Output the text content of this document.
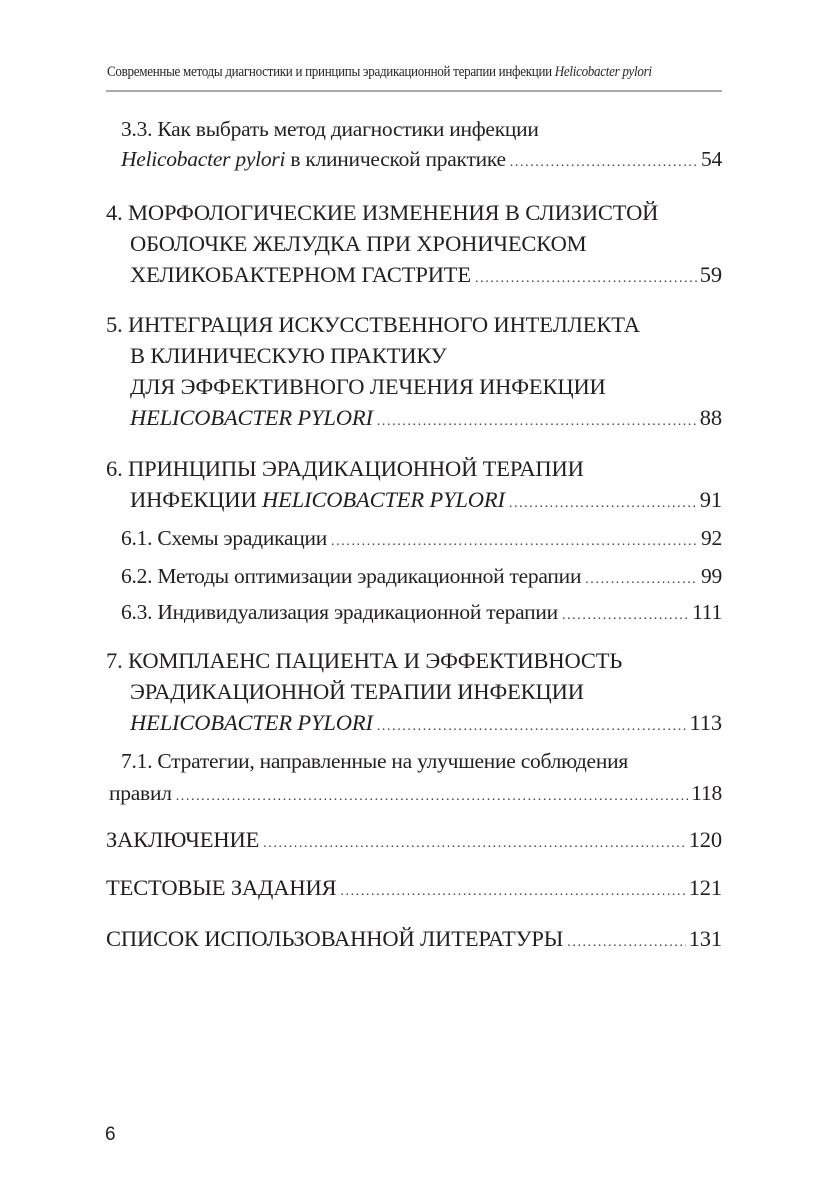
Современные методы диагностики и принципы эрадикационной терапии инфекции Helicobacter pylori
3.3. Как выбрать метод диагностики инфекции
Helicobacter pylori в клинической практике .....	54
4. МОРФОЛОГИЧЕСКИЕ ИЗМЕНЕНИЯ В СЛИЗИСТОЙ
ОБОЛОЧКЕ ЖЕЛУДКА ПРИ ХРОНИЧЕСКОМ
ХЕЛИКОБАКТЕРНОМ ГАСТРИТЕ .....	59
5. ИНТЕГРАЦИЯ ИСКУССТВЕННОГО ИНТЕЛЛЕКТА
В КЛИНИЧЕСКУЮ ПРАКТИКУ
ДЛЯ ЭФФЕКТИВНОГО ЛЕЧЕНИЯ ИНФЕКЦИИ
HELICOBACTER PYLORI .....	88
6. ПРИНЦИПЫ ЭРАДИКАЦИОННОЙ ТЕРАПИИ
ИНФЕКЦИИ HELICOBACTER PYLORI .....	91
6.1. Схемы эрадикации .....	92
6.2. Методы оптимизации эрадикационной терапии .....	99
6.3. Индивидуализация эрадикационной терапии .....	111
7. КОМПЛАЕНС ПАЦИЕНТА И ЭФФЕКТИВНОСТЬ
ЭРАДИКАЦИОННОЙ ТЕРАПИИ ИНФЕКЦИИ
HELICOBACTER PYLORI .....	113
7.1. Стратегии, направленные на улучшение соблюдения
правил .....	118
ЗАКЛЮЧЕНИЕ .....	120
ТЕСТОВЫЕ ЗАДАНИЯ .....	121
СПИСОК ИСПОЛЬЗОВАННОЙ ЛИТЕРАТУРЫ .....	131
6
